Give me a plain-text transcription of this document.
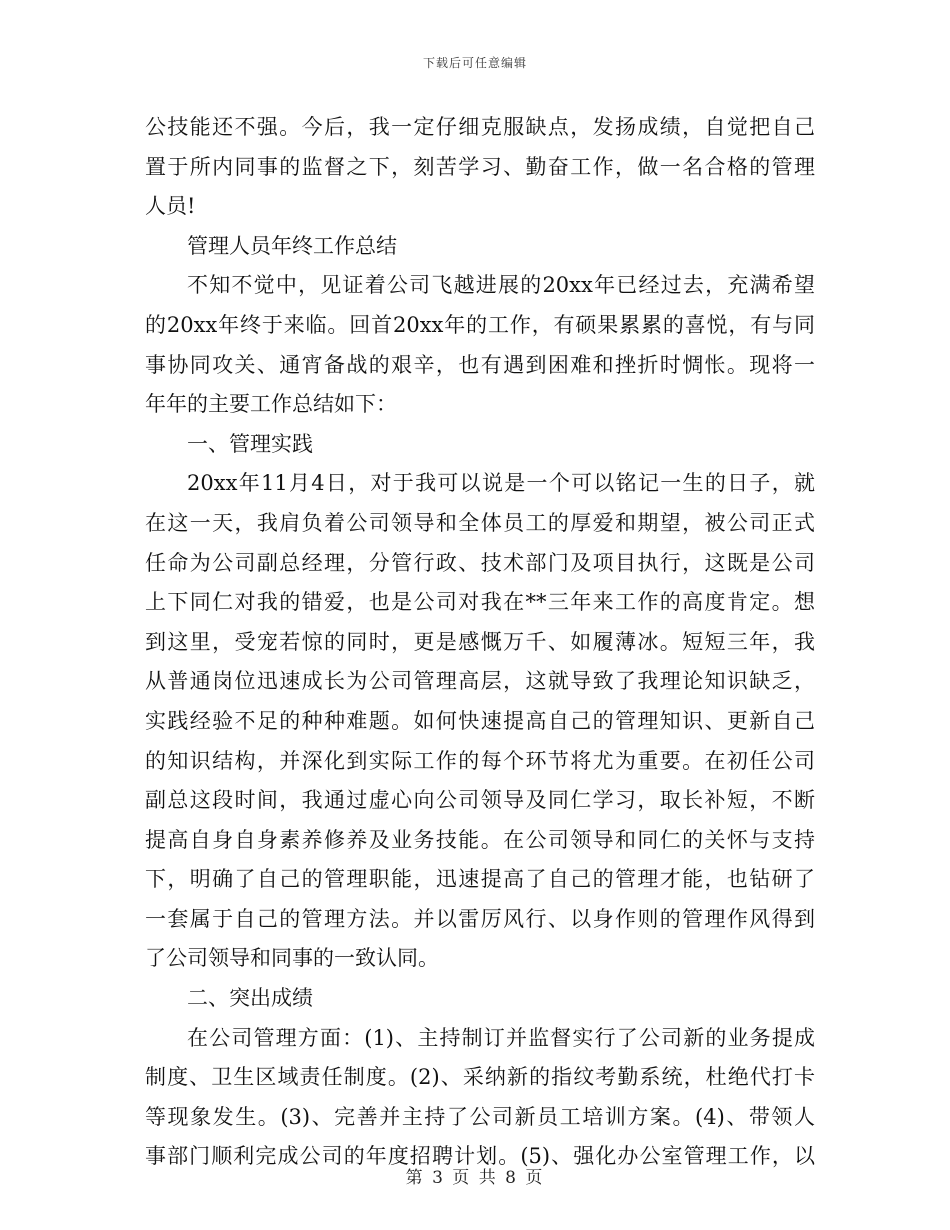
下载后可任意编辑
公技能还不强。今后，我一定仔细克服缺点，发扬成绩，自觉把自己
置于所内同事的监督之下，刻苦学习、勤奋工作，做一名合格的管理
人员!
管理人员年终工作总结
不知不觉中，见证着公司飞越进展的20xx年已经过去，充满希望
的20xx年终于来临。回首20xx年的工作，有硕果累累的喜悦，有与同
事协同攻关、通宵备战的艰辛，也有遇到困难和挫折时惆怅。现将一
年年的主要工作总结如下：
一、管理实践
20xx年11月4日，对于我可以说是一个可以铭记一生的日子，就
在这一天，我肩负着公司领导和全体员工的厚爱和期望，被公司正式
任命为公司副总经理，分管行政、技术部门及项目执行，这既是公司
上下同仁对我的错爱，也是公司对我在**三年来工作的高度肯定。想
到这里，受宠若惊的同时，更是感慨万千、如履薄冰。短短三年，我
从普通岗位迅速成长为公司管理高层，这就导致了我理论知识缺乏，
实践经验不足的种种难题。如何快速提高自己的管理知识、更新自己
的知识结构，并深化到实际工作的每个环节将尤为重要。在初任公司
副总这段时间，我通过虚心向公司领导及同仁学习，取长补短，不断
提高自身自身素养修养及业务技能。在公司领导和同仁的关怀与支持
下，明确了自己的管理职能，迅速提高了自己的管理才能，也钻研了
一套属于自己的管理方法。并以雷厉风行、以身作则的管理作风得到
了公司领导和同事的一致认同。
二、突出成绩
在公司管理方面：(1)、主持制订并监督实行了公司新的业务提成
制度、卫生区域责任制度。(2)、采纳新的指纹考勤系统，杜绝代打卡
等现象发生。(3)、完善并主持了公司新员工培训方案。(4)、带领人
事部门顺利完成公司的年度招聘计划。(5)、强化办公室管理工作，以
第 3 页 共 8 页
